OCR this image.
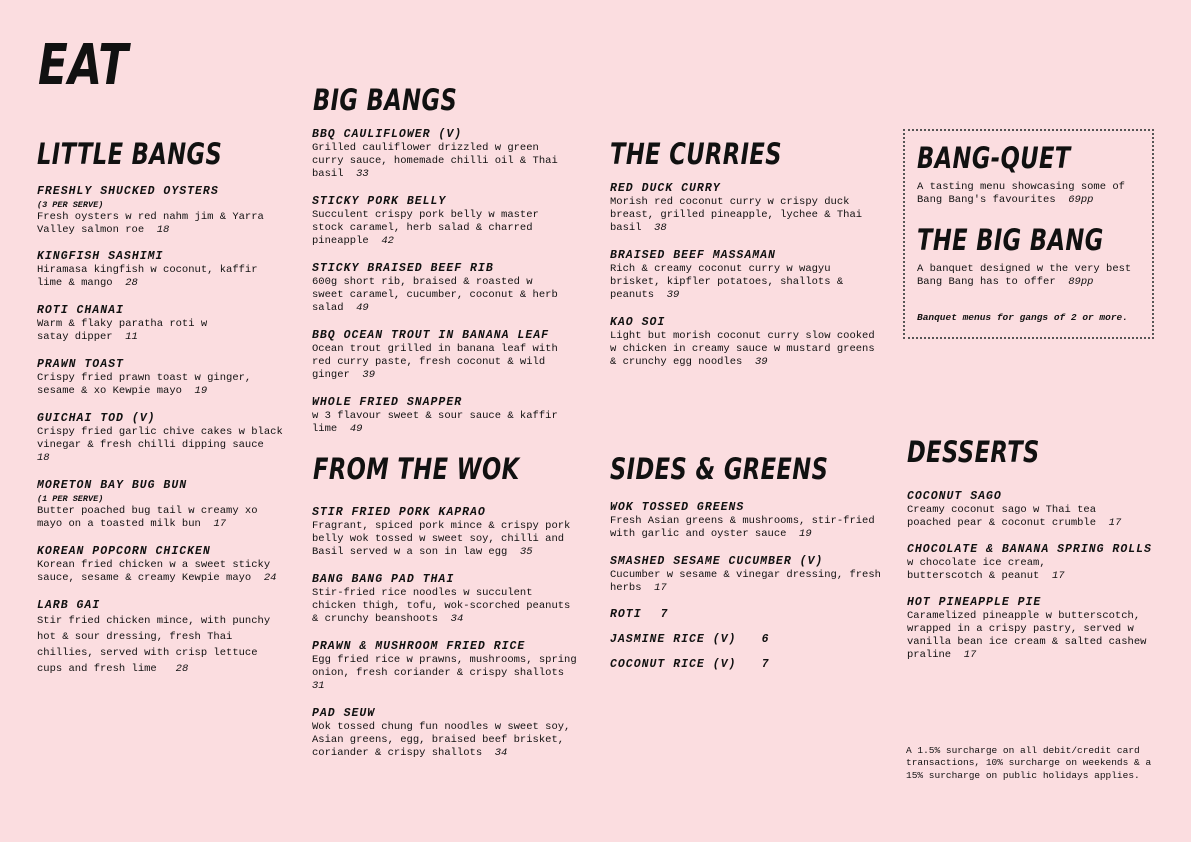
EAT
LITTLE BANGS
BIG BANGS
FROM THE WOK
THE CURRIES
SIDES & GREENS	DESSERTS
FRESHLY SHUCKED OYSTERS
(3 PER SERVE)
Fresh oysters w red nahm jim & Yarra Valley salmon roe 18
KINGFISH SASHIMI
Hiramasa kingfish w coconut, kaffir lime & mango 28
ROTI CHANAI
Warm & flaky paratha roti w satay dipper 11
PRAWN TOAST
Crispy fried prawn toast w ginger, sesame & xo Kewpie mayo 19
GUICHAI TOD (V)
Crispy fried garlic chive cakes w black vinegar & fresh chilli dipping sauce  18
MORETON BAY BUG BUN
(1 PER SERVE)
Butter poached bug tail w creamy xo mayo on a toasted milk bun 17
KOREAN POPCORN CHICKEN
Korean fried chicken w a sweet sticky sauce, sesame & creamy Kewpie mayo 24
LARB GAI
Stir fried chicken mince, with punchy hot & sour dressing, fresh Thai chillies, served with crisp lettuce cups and fresh lime 28
BBQ CAULIFLOWER (V)
Grilled cauliflower drizzled w green curry sauce, homemade chilli oil & Thai basil 33
STICKY PORK BELLY
Succulent crispy pork belly w master stock caramel, herb salad & charred pineapple 42
STICKY BRAISED BEEF RIB
600g short rib, braised & roasted w sweet caramel, cucumber, coconut & herb salad 49
BBQ OCEAN TROUT IN BANANA LEAF
Ocean trout grilled in banana leaf with red curry paste, fresh coconut & wild ginger 39
WHOLE FRIED SNAPPER
w 3 flavour sweet & sour sauce & kaffir lime 49
STIR FRIED PORK KAPRAO
Fragrant, spiced pork mince & crispy pork belly wok tossed w sweet soy, chilli and Basil served w a son in law egg 35
BANG BANG PAD THAI
Stir-fried rice noodles w succulent chicken thigh, tofu, wok-scorched peanuts & crunchy beanshoots 34
PRAWN & MUSHROOM FRIED RICE
Egg fried rice w prawns, mushrooms, spring onion, fresh coriander & crispy shallots  31
PAD SEUW
Wok tossed chung fun noodles w sweet soy, Asian greens, egg, braised beef brisket, coriander & crispy shallots 34
RED DUCK CURRY
Morish red coconut curry w crispy duck breast, grilled pineapple, lychee & Thai basil 38
BRAISED BEEF MASSAMAN
Rich & creamy coconut curry w wagyu brisket, kipfler potatoes, shallots & peanuts 39
KAO SOI
Light but morish coconut curry slow cooked w chicken in creamy sauce w mustard greens & crunchy egg noodles 39
WOK TOSSED GREENS
Fresh Asian greens & mushrooms, stir-fried with garlic and oyster sauce 19
SMASHED SESAME CUCUMBER (V)
Cucumber w sesame & vinegar dressing, fresh herbs 17
ROTI 7
JASMINE RICE (V) 6
COCONUT RICE (V) 7
BANG-QUET
A tasting menu showcasing some of Bang Bang's favourites 69pp
THE BIG BANG
A banquet designed w the very best Bang Bang has to offer 89pp
Banquet menus for gangs of 2 or more.
COCONUT SAGO
Creamy coconut sago w Thai tea poached pear & coconut crumble 17
CHOCOLATE & BANANA SPRING ROLLS
w chocolate ice cream, butterscotch & peanut 17
HOT PINEAPPLE PIE
Caramelized pineapple w butterscotch, wrapped in a crispy pastry, served w vanilla bean ice cream & salted cashew praline 17
A 1.5% surcharge on all debit/credit card transactions, 10% surcharge on weekends & a 15% surcharge on public holidays applies.
